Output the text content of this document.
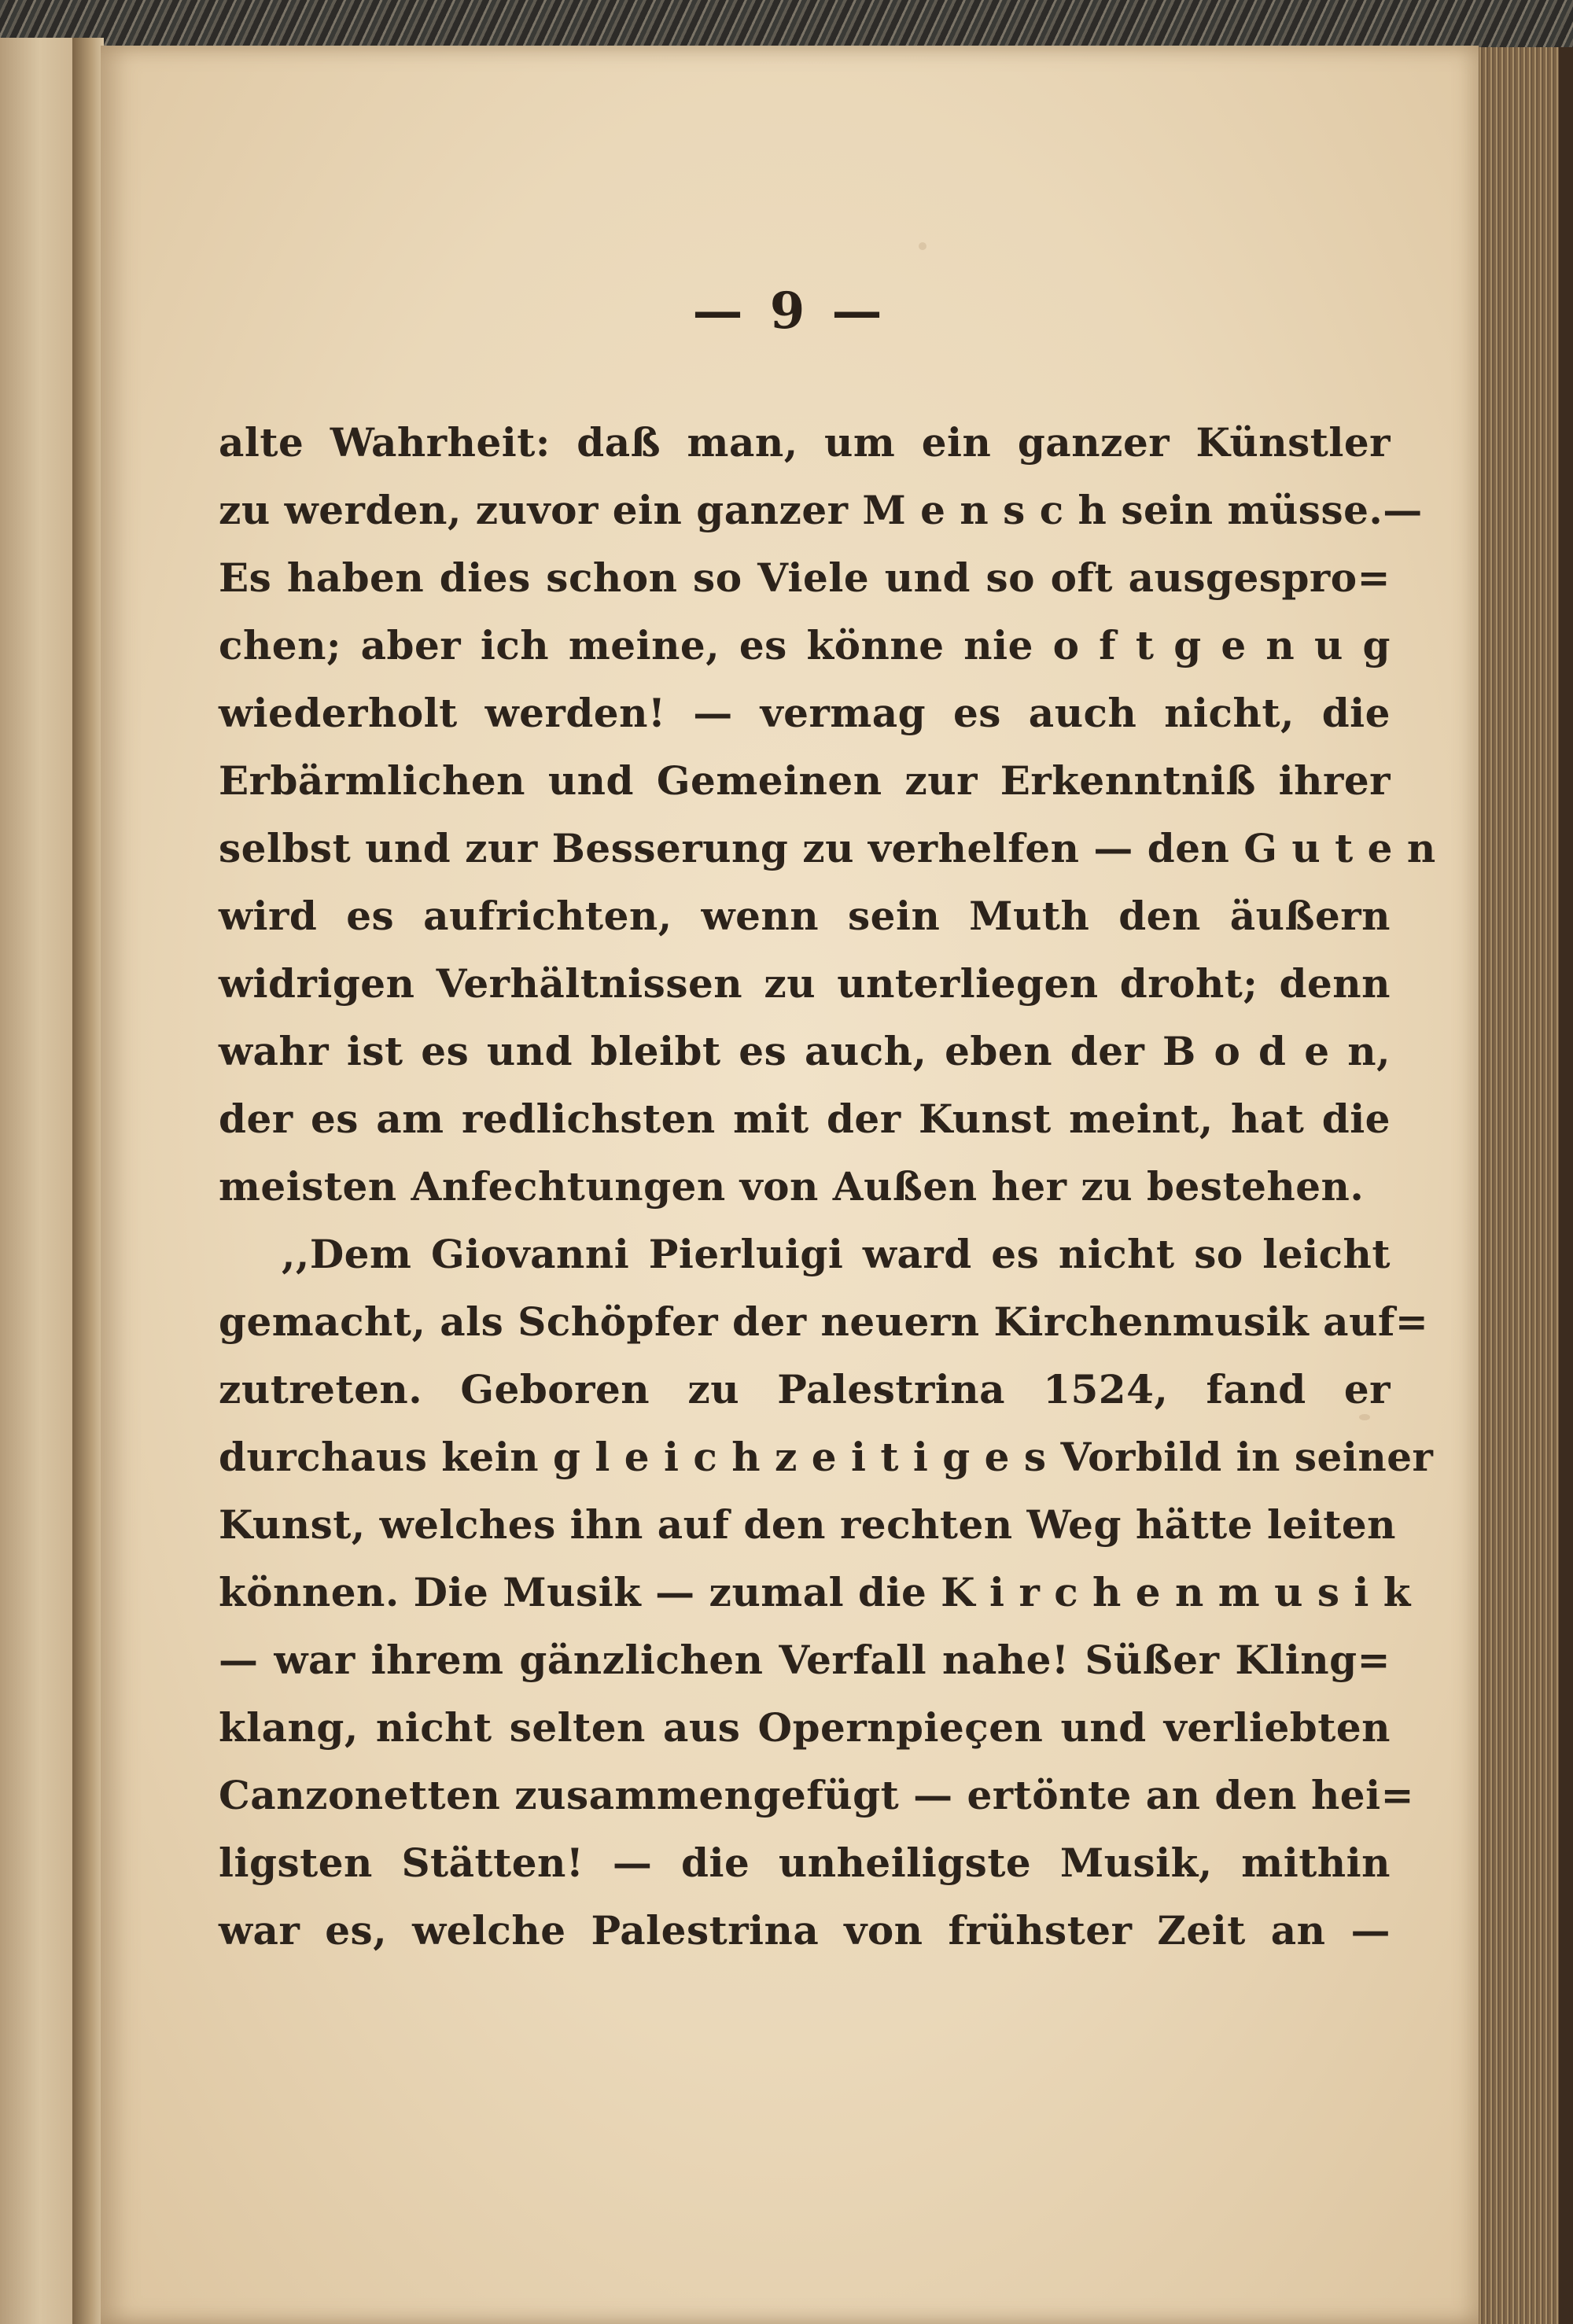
— 9 —
alte Wahrheit: daß man, um ein ganzer Künstler
zu werden, zuvor ein ganzer M e n s c h sein müsse.—
Es haben dies schon so Viele und so oft ausgespro=
chen; aber ich meine, es könne nie o f t g e n u g
wiederholt werden! — vermag es auch nicht, die
Erbärmlichen und Gemeinen zur Erkenntniß ihrer
selbst und zur Besserung zu verhelfen — den G u t e n
wird es aufrichten, wenn sein Muth den äußern
widrigen Verhältnissen zu unterliegen droht; denn
wahr ist es und bleibt es auch, eben der B o d e n,
der es am redlichsten mit der Kunst meint, hat die
meisten Anfechtungen von Außen her zu bestehen.
,,Dem Giovanni Pierluigi ward es nicht so leicht
gemacht, als Schöpfer der neuern Kirchenmusik auf=
zutreten. Geboren zu Palestrina 1524, fand er
durchaus kein g l e i c h z e i t i g e s Vorbild in seiner
Kunst, welches ihn auf den rechten Weg hätte leiten
können. Die Musik — zumal die K i r c h e n m u s i k
— war ihrem gänzlichen Verfall nahe! Süßer Kling=
klang, nicht selten aus Opernpieçen und verliebten
Canzonetten zusammengefügt — ertönte an den hei=
ligsten Stätten! — die unheiligste Musik, mithin
war es, welche Palestrina von frühster Zeit an —
